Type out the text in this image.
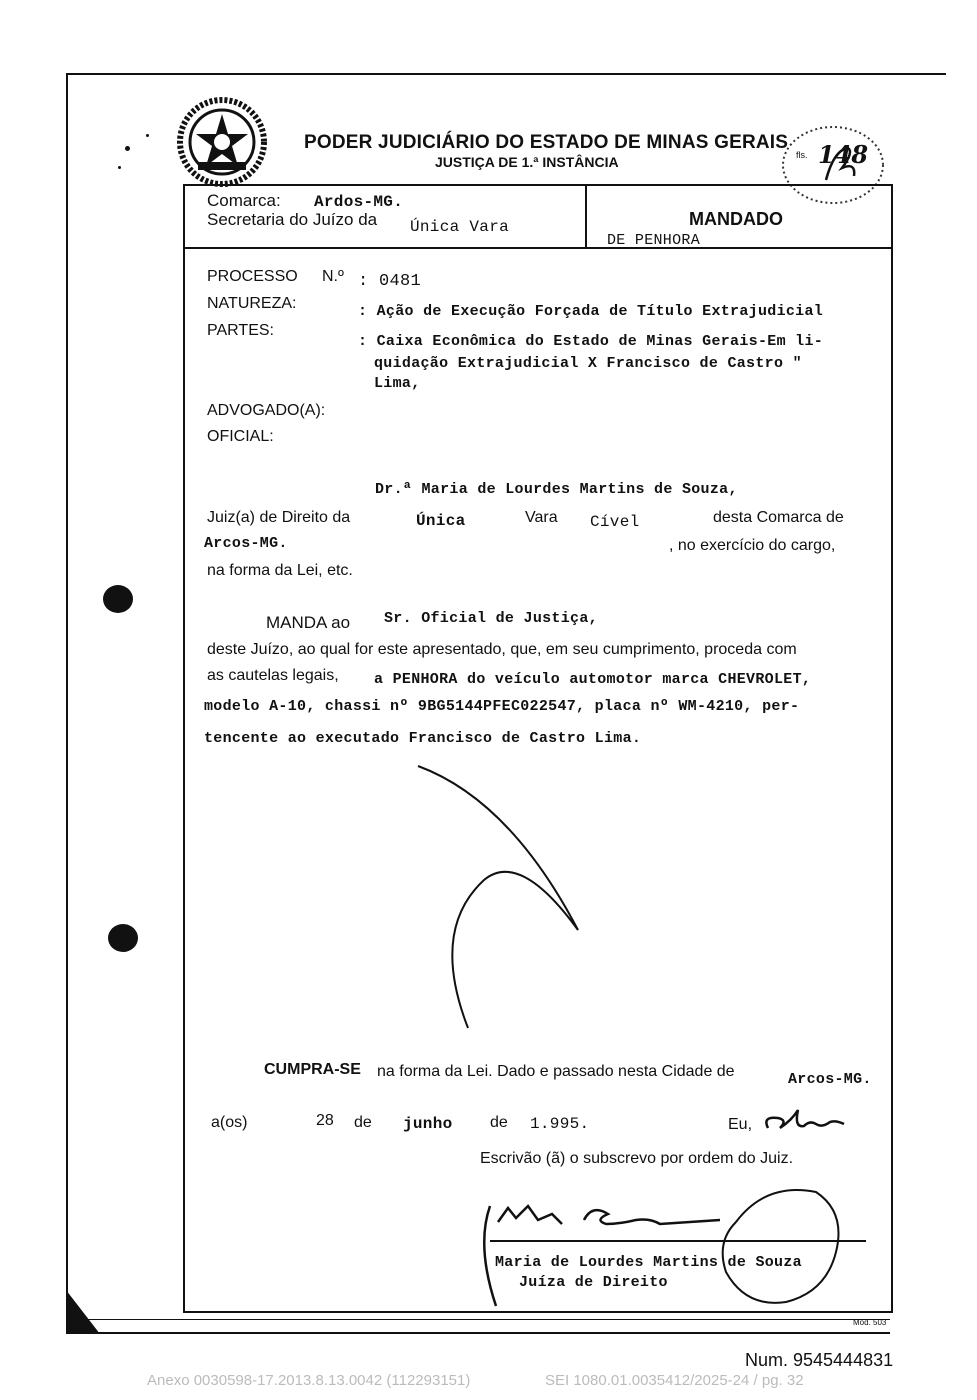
PODER JUDICIÁRIO DO ESTADO DE MINAS GERAIS
JUSTIÇA DE 1.ª INSTÂNCIA	fls. 148
Comarca: Ardos-MG.
Secretaria do Juízo da Única Vara	MANDADO
DE PENHORA
PROCESSO N.º : 0481
NATUREZA:	: Ação de Execução Forçada de Título Extrajudicial
PARTES:
: Caixa Econômica do Estado de Minas Gerais-Em li-
quidação Extrajudicial X Francisco de Castro "
Lima,
ADVOGADO(A):
OFICIAL:
Dr.ª Maria de Lourdes Martins de Souza,
Juiz(a) de Direito da	Única	Vara Cível	desta Comarca de
Arcos-MG.	, no exercício do cargo,
na forma da Lei, etc.
MANDA ao Sr. Oficial de Justiça,
deste Juízo, ao qual for este apresentado, que, em seu cumprimento, proceda com
as cautelas legais, a PENHORA do veículo automotor marca CHEVROLET,
modelo A-10, chassi nº 9BG5144PFEC022547, placa nº WM-4210, per-
tencente ao executado Francisco de Castro Lima.
CUMPRA-SE na forma da Lei. Dado e passado nesta Cidade de	Arcos-MG.
a(os)	28 de junho de 1.995.	Eu,
Escrivão (ã) o subscrevo por ordem do Juiz.
Maria de Lourdes Martins de Souza
Juíza de Direito
Mod. 503
Num. 9545444831
Anexo 0030598-17.2013.8.13.0042 (112293151)	SEI 1080.01.0035412/2025-24 / pg. 32
